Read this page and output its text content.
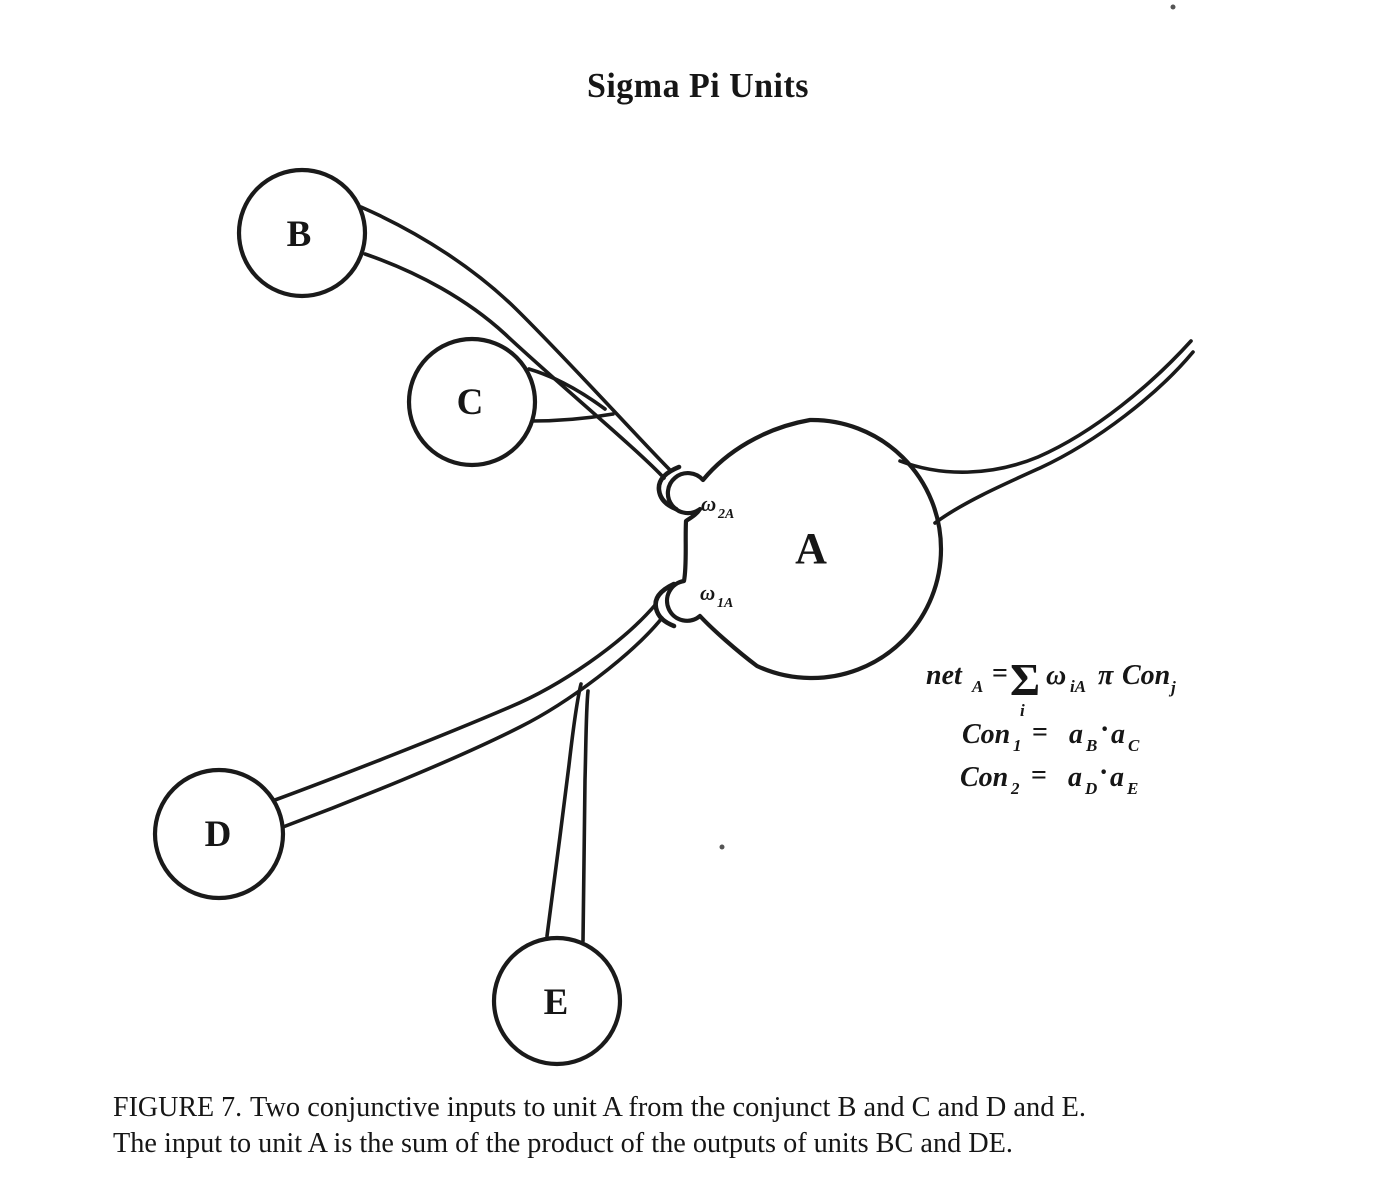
Sigma Pi Units
B
C
A
D
E
ω 2A
ω 1A
net A = Σ
i
ω iA π Con j
Con 1 = a B
· a C
Con 2 = a D
· a E
FIGURE 7. Two conjunctive inputs to unit A from the conjunct B and C and D and E.
The input to unit A is the sum of the product of the outputs of units BC and DE.
